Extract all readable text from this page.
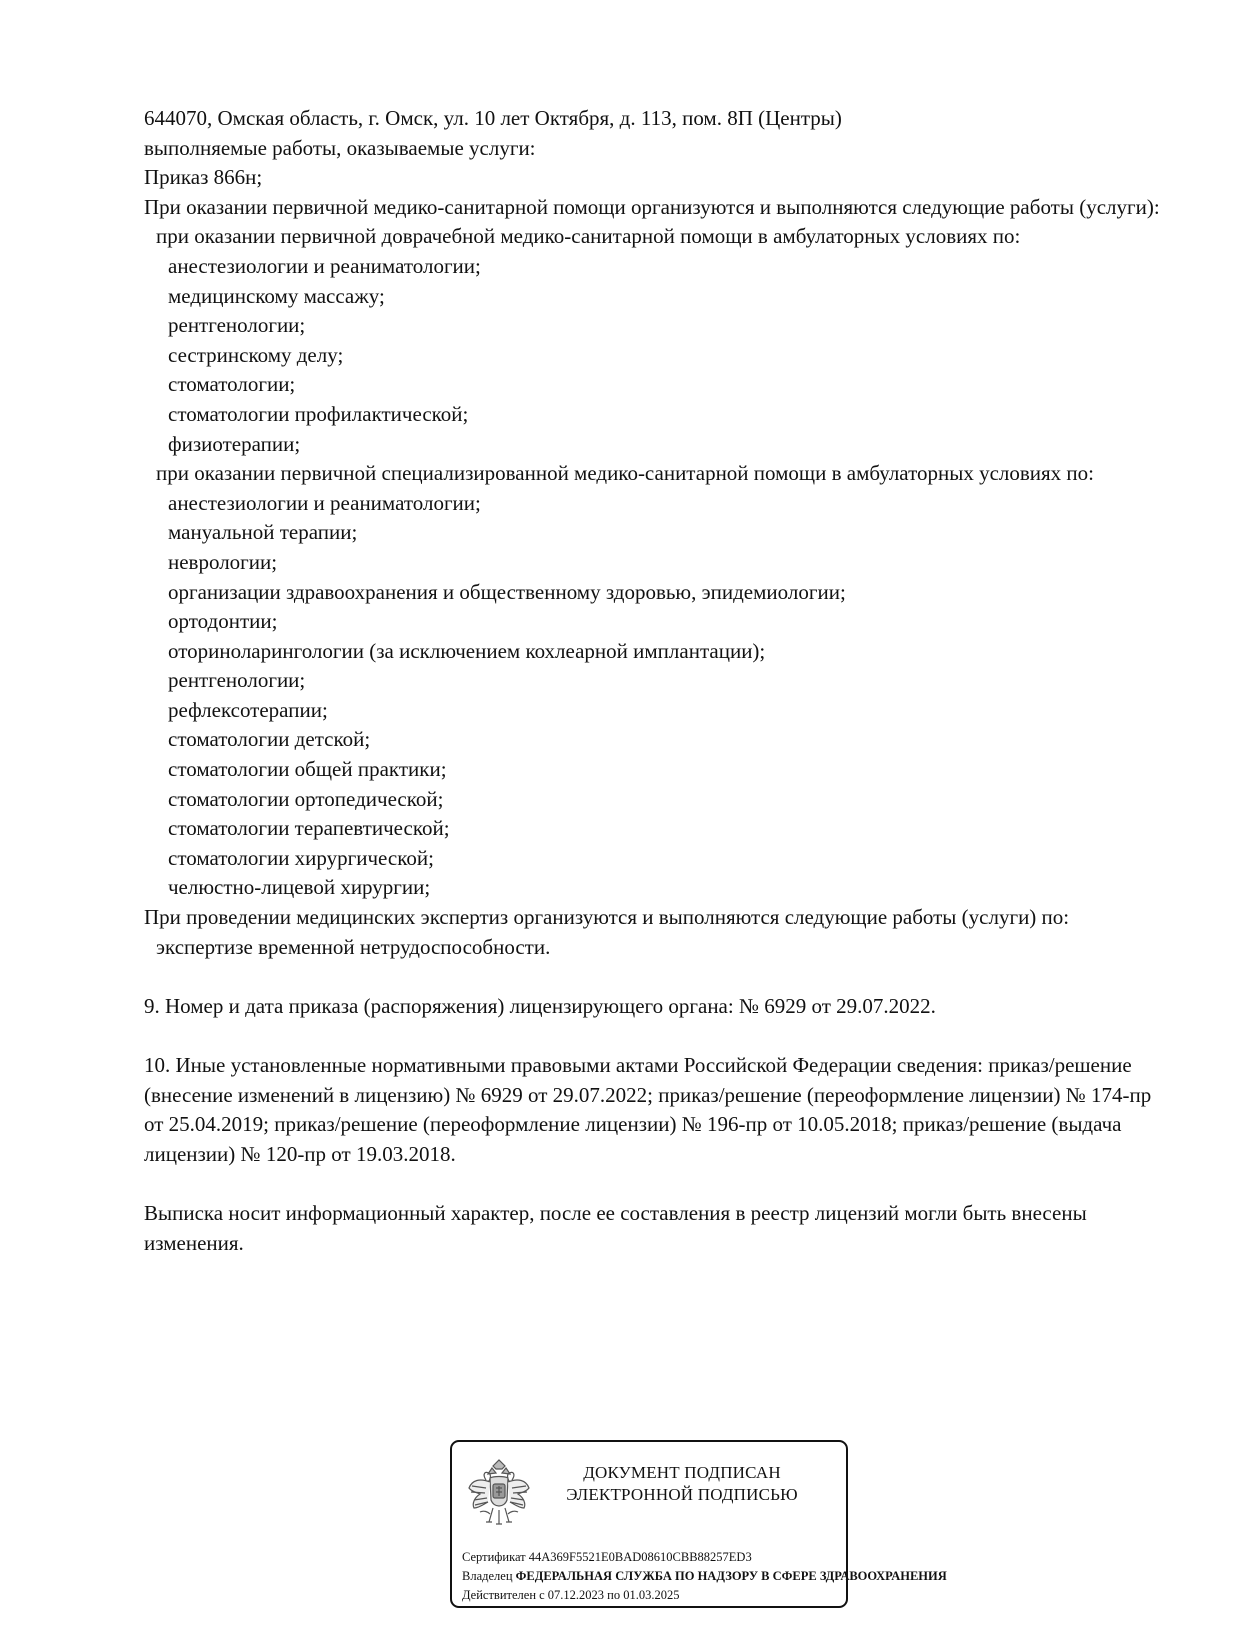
644070, Омская область, г. Омск, ул. 10 лет Октября, д. 113, пом. 8П (Центры)
выполняемые работы, оказываемые услуги:
Приказ 866н;
При оказании первичной медико-санитарной помощи организуются и выполняются следующие работы (услуги):
при оказании первичной доврачебной медико-санитарной помощи в амбулаторных условиях по:
анестезиологии и реаниматологии;
медицинскому массажу;
рентгенологии;
сестринскому делу;
стоматологии;
стоматологии профилактической;
физиотерапии;
при оказании первичной специализированной медико-санитарной помощи в амбулаторных условиях по:
анестезиологии и реаниматологии;
мануальной терапии;
неврологии;
организации здравоохранения и общественному здоровью, эпидемиологии;
ортодонтии;
оториноларингологии (за исключением кохлеарной имплантации);
рентгенологии;
рефлексотерапии;
стоматологии детской;
стоматологии общей практики;
стоматологии ортопедической;
стоматологии терапевтической;
стоматологии хирургической;
челюстно-лицевой хирургии;
При проведении медицинских экспертиз организуются и выполняются следующие работы (услуги) по:
экспертизе временной нетрудоспособности.
9. Номер и дата приказа (распоряжения) лицензирующего органа: № 6929 от 29.07.2022.
10. Иные установленные нормативными правовыми актами Российской Федерации сведения: приказ/решение (внесение изменений в лицензию) № 6929 от 29.07.2022; приказ/решение (переоформление лицензии) № 174-пр от 25.04.2019; приказ/решение (переоформление лицензии) № 196-пр от 10.05.2018; приказ/решение (выдача лицензии) № 120-пр от 19.03.2018.
Выписка носит информационный характер, после ее составления в реестр лицензий могли быть внесены изменения.
ДОКУМЕНТ ПОДПИСАН
ЭЛЕКТРОННОЙ ПОДПИСЬЮ
Сертификат 44A369F5521E0BAD08610CBB88257ED3
Владелец ФЕДЕРАЛЬНАЯ СЛУЖБА ПО НАДЗОРУ В СФЕРЕ ЗДРАВООХРАНЕНИЯ
Действителен с 07.12.2023 по 01.03.2025
